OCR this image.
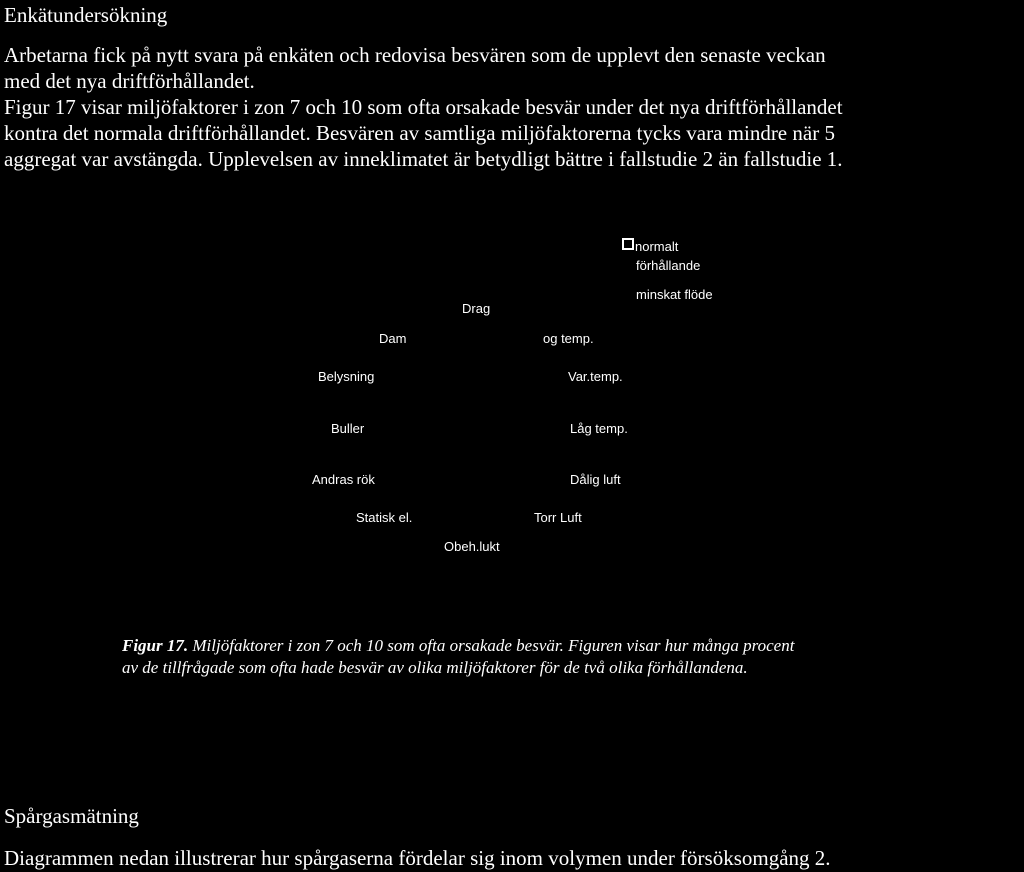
Enkätundersökning
Arbetarna fick på nytt svara på enkäten och redovisa besvären som de upplevt den senaste veckan
med det nya driftförhållandet.
Figur 17 visar miljöfaktorer i zon 7 och 10 som ofta orsakade besvär under det nya driftförhållandet
kontra det normala driftförhållandet. Besvären av samtliga miljöfaktorerna tycks vara mindre när 5
aggregat var avstängda. Upplevelsen av inneklimatet är betydligt bättre i fallstudie 2 än fallstudie 1.
normalt
förhållande
minskat flöde
Drag
og temp.
Var.temp.
Låg temp.
Dålig luft
Torr Luft
Obeh.lukt
Statisk el.
Andras rök
Buller
Belysning
Dam
Figur 17. Miljöfaktorer i zon 7 och 10 som ofta orsakade besvär. Figuren visar hur många procent
av de tillfrågade som ofta hade besvär av olika miljöfaktorer för de två olika förhållandena.
Spårgasmätning
Diagrammen nedan illustrerar hur spårgaserna fördelar sig inom volymen under försöksomgång 2.
